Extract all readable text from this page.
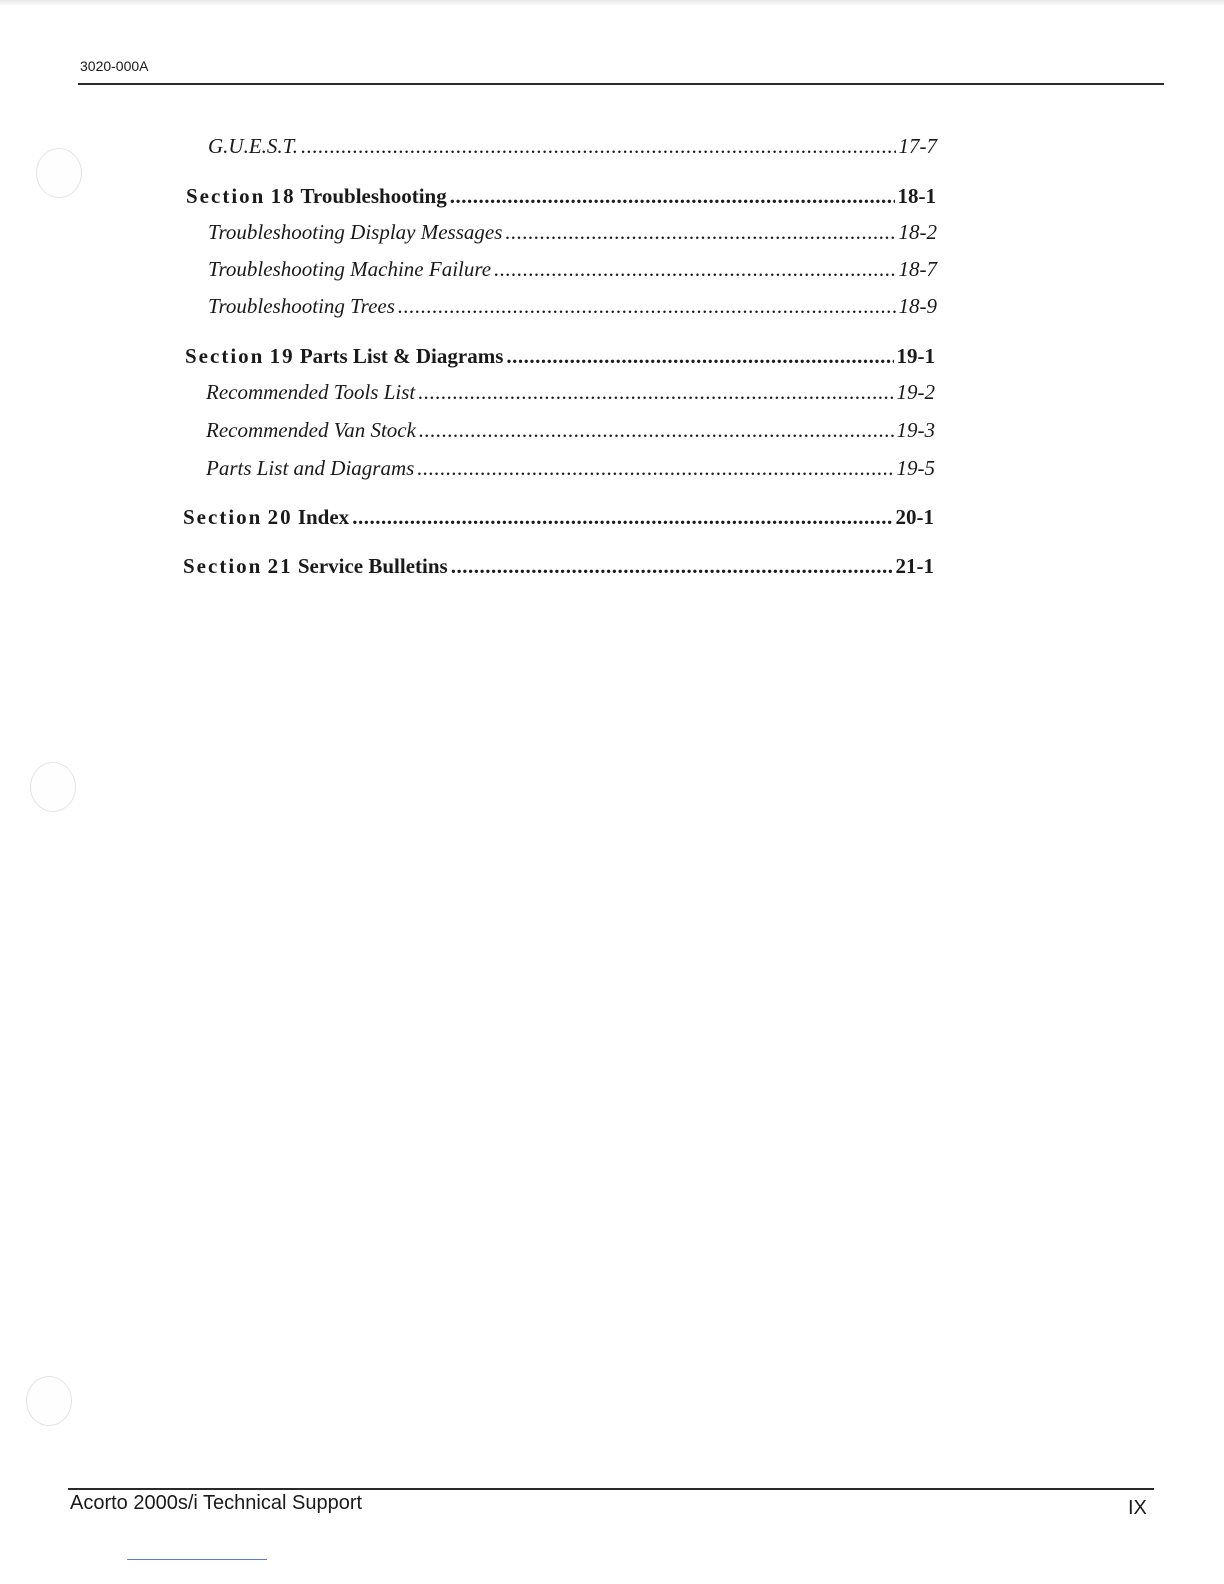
3020-000A
G.U.E.S.T. .....	17-7
Section 18 Troubleshooting .....	18-1
Troubleshooting Display Messages .....	18-2
Troubleshooting Machine Failure .....	18-7
Troubleshooting Trees .....	18-9
Section 19 Parts List & Diagrams .....	19-1
Recommended Tools List .....	19-2
Recommended Van Stock .....	19-3
Parts List and Diagrams .....	19-5
Section 20 Index .....	20-1
Section 21 Service Bulletins .....	21-1
Acorto 2000s/i Technical Support	IX
